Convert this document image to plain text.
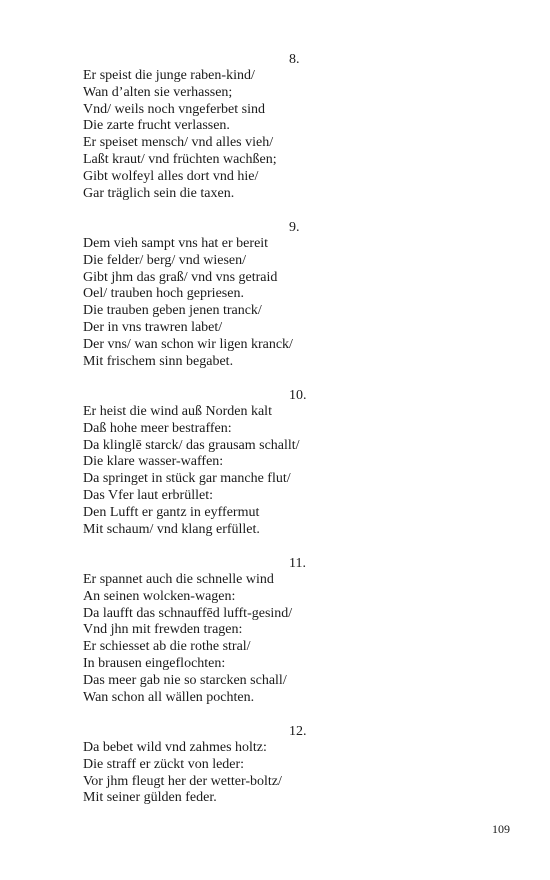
8.
Er speist die junge raben-kind/
Wan d’alten sie verhassen;
Vnd/ weils noch vngeferbet sind
Die zarte frucht verlassen.
Er speiset mensch/ vnd alles vieh/
Laßt kraut/ vnd früchten wachßen;
Gibt wolfeyl alles dort vnd hie/
Gar träglich sein die taxen.
9.
Dem vieh sampt vns hat er bereit
Die felder/ berg/ vnd wiesen/
Gibt jhm das graß/ vnd vns getraid
Oel/ trauben hoch gepriesen.
Die trauben geben jenen tranck/
Der in vns trawren labet/
Der vns/ wan schon wir ligen kranck/
Mit frischem sinn begabet.
10.
Er heist die wind auß Norden kalt
Daß hohe meer bestraffen:
Da klinglē starck/ das grausam schallt/
Die klare wasser-waffen:
Da springet in stück gar manche flut/
Das Vfer laut erbrüllet:
Den Lufft er gantz in eyffermut
Mit schaum/ vnd klang erfüllet.
11.
Er spannet auch die schnelle wind
An seinen wolcken-wagen:
Da laufft das schnauffēd lufft-gesind/
Vnd jhn mit frewden tragen:
Er schiesset ab die rothe stral/
In brausen eingeflochten:
Das meer gab nie so starcken schall/
Wan schon all wällen pochten.
12.
Da bebet wild vnd zahmes holtz:
Die straff er zückt von leder:
Vor jhm fleugt her der wetter-boltz/
Mit seiner gülden feder.
109
